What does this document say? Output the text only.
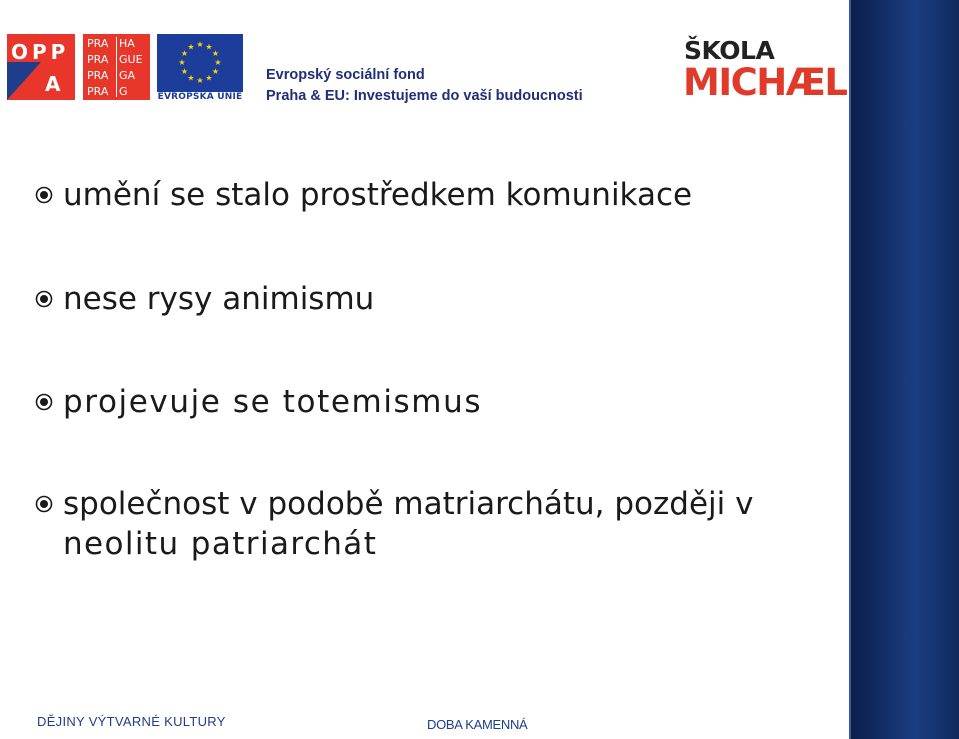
OPP
A
PRA
PRA
PRA
PRA
HA
GUE
GA
G
★ ★
★
★
★
★
★
★
★
★
★
★
EVROPSKÁ UNIE
Evropský sociální fond
Praha & EU: Investujeme do vaší budoucnosti
ŠKOLA
MICHÆL
umění se stalo prostředkem komunikace
nese rysy animismu
projevuje se totemismus
společnost v podobě matriarchátu, později v
neolitu patriarchát
DĚJINY VÝTVARNÉ KULTURY	DOBA KAMENNÁ
